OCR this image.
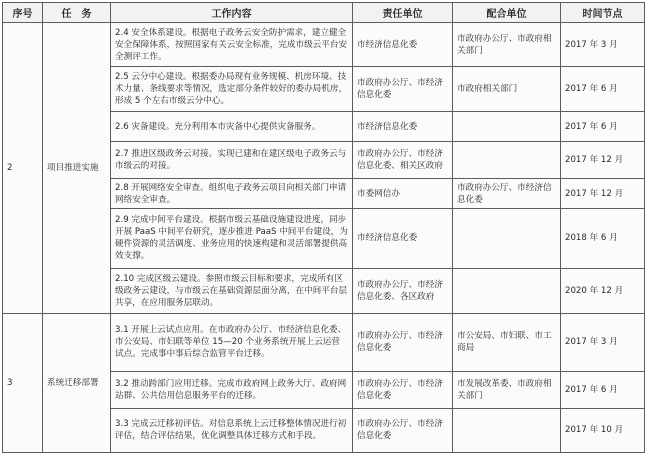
序号	任　务	工作内容	责任单位	配合单位	时间节点
2	项目推进实施	2.4 安全体系建设。根据电子政务云安全防护需求，建立健全安全保障体系，按照国家有关云安全标准，完成市级云平台安全测评工作。	市经济信息化委	市政府办公厅、市政府相关部门	2017 年 3 月
		2.5 云分中心建设。根据委办局现有业务规模、机房环境、技术力量、条线要求等情况，选定部分条件较好的委办局机房，形成 5 个左右市级云分中心。	市政府办公厅、市经济信息化委	市政府相关部门	2017 年 6 月
		2.6 灾备建设。充分利用本市灾备中心提供灾备服务。	市经济信息化委		2017 年 6 月
		2.7 推进区级政务云对接。实现已建和在建区级电子政务云与市级云的对接。	市政府办公厅、市经济信息化委、相关区政府		2017 年 12 月
		2.8 开展网络安全审查。组织电子政务云项目向相关部门申请网络安全审查。	市委网信办	市政府办公厅、市经济信息化委	2017 年 12 月
		2.9 完成中间平台建设。根据市级云基础设施建设进度，同步开展 PaaS 中间平台研究，逐步推进 PaaS 中间平台建设，为硬件资源的灵活调度、业务应用的快速构建和灵活部署提供高效支撑。	市经济信息化委		2018 年 6 月
		2.10 完成区级云建设。参照市级云目标和要求，完成所有区级政务云建设，与市级云在基础资源层面分离，在中间平台层共享，在应用服务层联动。	市政府办公厅、市经济信息化委、各区政府		2020 年 12 月
3	系统迁移部署	3.1 开展上云试点应用。在市政府办公厅、市经济信息化委、市公安局、市妇联等单位 15—20 个业务系统开展上云运营试点。完成事中事后综合监管平台迁移。	市政府办公厅、市经济信息化委	市公安局、市妇联、市工商局	2017 年 3 月
		3.2 推动跨部门应用迁移。完成市政府网上政务大厅、政府网站群、公共信用信息服务平台的迁移。	市政府办公厅、市经济信息化委	市发展改革委、市政府相关部门	2017 年 6 月
		3.3 完成云迁移初评估。对信息系统上云迁移整体情况进行初评估，结合评估结果，优化调整具体迁移方式和手段。	市政府办公厅、市经济信息化委		2017 年 10 月
